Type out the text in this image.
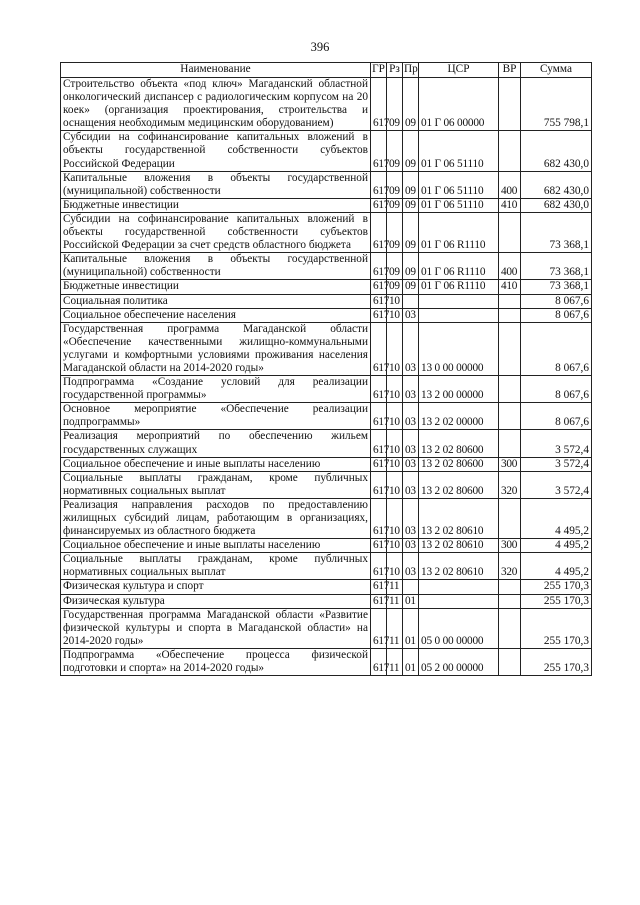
396
Наименование	ГР	Рз	Пр	ЦСР	ВР	Сумма
Строительство объекта «под ключ» Магаданский областной онкологический диспансер с радиологическим корпусом на 20 коек» (организация проектирования, строительства и оснащения необходимым медицинским оборудованием)	617	09	09	01 Г 06 00000		755 798,1
Субсидии на софинансирование капитальных вложений в объекты государственной собственности субъектов Российской Федерации	617	09	09	01 Г 06 51110		682 430,0
Капитальные вложения в объекты государственной (муниципальной) собственности	617	09	09	01 Г 06 51110	400	682 430,0
Бюджетные инвестиции	617	09	09	01 Г 06 51110	410	682 430,0
Субсидии на софинансирование капитальных вложений в объекты государственной собственности субъектов Российской Федерации за счет средств областного бюджета	617	09	09	01 Г 06 R1110		73 368,1
Капитальные вложения в объекты государственной (муниципальной) собственности	617	09	09	01 Г 06 R1110	400	73 368,1
Бюджетные инвестиции	617	09	09	01 Г 06 R1110	410	73 368,1
Социальная политика	617	10				8 067,6
Социальное обеспечение населения	617	10	03			8 067,6
Государственная программа Магаданской области «Обеспечение качественными жилищно-коммунальными услугами и комфортными условиями проживания населения Магаданской области на 2014-2020 годы»	617	10	03	13 0 00 00000		8 067,6
Подпрограмма «Создание условий для реализации государственной программы»	617	10	03	13 2 00 00000		8 067,6
Основное мероприятие «Обеспечение реализации подпрограммы»	617	10	03	13 2 02 00000		8 067,6
Реализация мероприятий по обеспечению жильем государственных служащих	617	10	03	13 2 02 80600		3 572,4
Социальное обеспечение и иные выплаты населению	617	10	03	13 2 02 80600	300	3 572,4
Социальные выплаты гражданам, кроме публичных нормативных социальных выплат	617	10	03	13 2 02 80600	320	3 572,4
Реализация направления расходов по предоставлению жилищных субсидий лицам, работающим в организациях, финансируемых из областного бюджета	617	10	03	13 2 02 80610		4 495,2
Социальное обеспечение и иные выплаты населению	617	10	03	13 2 02 80610	300	4 495,2
Социальные выплаты гражданам, кроме публичных нормативных социальных выплат	617	10	03	13 2 02 80610	320	4 495,2
Физическая культура и спорт	617	11				255 170,3
Физическая культура	617	11	01			255 170,3
Государственная программа Магаданской области «Развитие физической культуры и спорта в Магаданской области» на 2014-2020 годы»	617	11	01	05 0 00 00000		255 170,3
Подпрограмма «Обеспечение процесса физической подготовки и спорта» на 2014-2020 годы»	617	11	01	05 2 00 00000		255 170,3
